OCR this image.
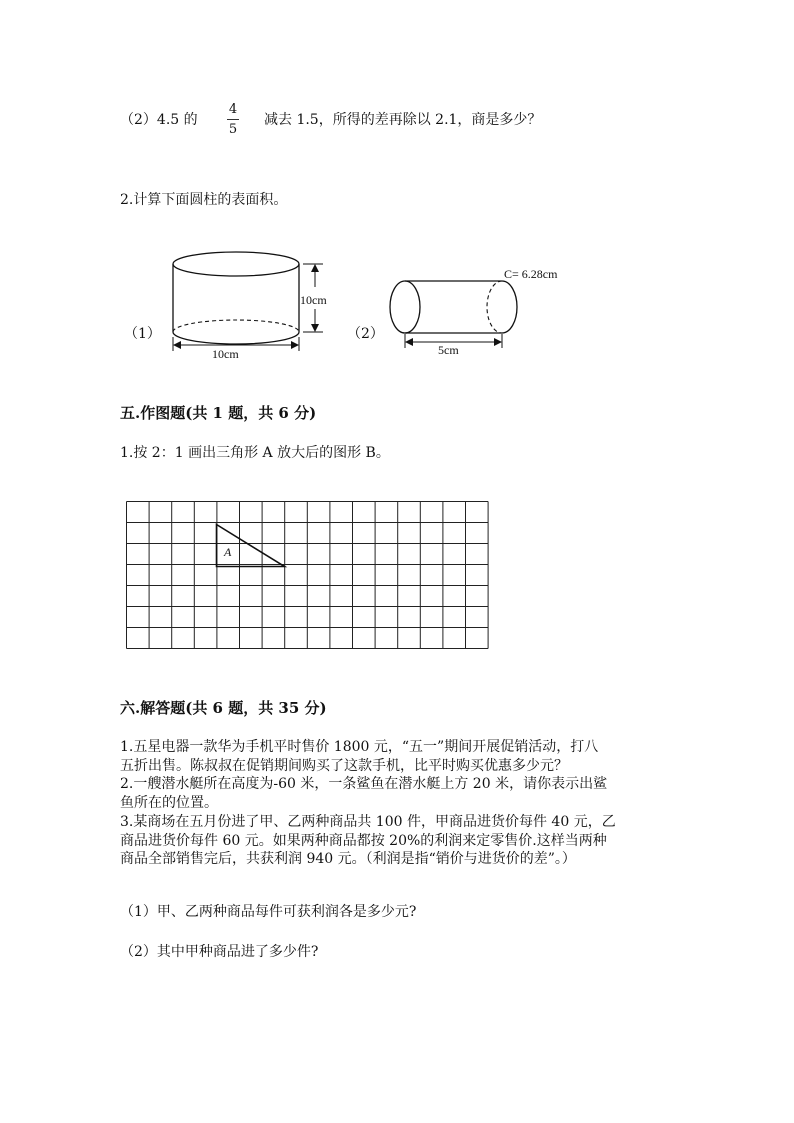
（2）4.5 的
4
5
减去 1.5，所得的差再除以 2.1，商是多少？
2.计算下面圆柱的表面积。
（1）
10cm
10cm
（2）
C= 6.28cm
5cm
五.作图题(共 1 题，共 6 分)
1.按 2：1 画出三角形 A 放大后的图形 B。
A
六.解答题(共 6 题，共 35 分)
1.五星电器一款华为手机平时售价 1800 元，“五一”期间开展促销活动，打八
五折出售。陈叔叔在促销期间购买了这款手机，比平时购买优惠多少元？
2.一艘潜水艇所在高度为-60 米，一条鲨鱼在潜水艇上方 20 米，请你表示出鲨
鱼所在的位置。
3.某商场在五月份进了甲、乙两种商品共 100 件，甲商品进货价每件 40 元，乙
商品进货价每件 60 元。如果两种商品都按 20%的利润来定零售价.这样当两种
商品全部销售完后，共获利润 940 元。（利润是指“销价与进货价的差”。）
（1）甲、乙两种商品每件可获利润各是多少元?
（2）其中甲种商品进了多少件?
